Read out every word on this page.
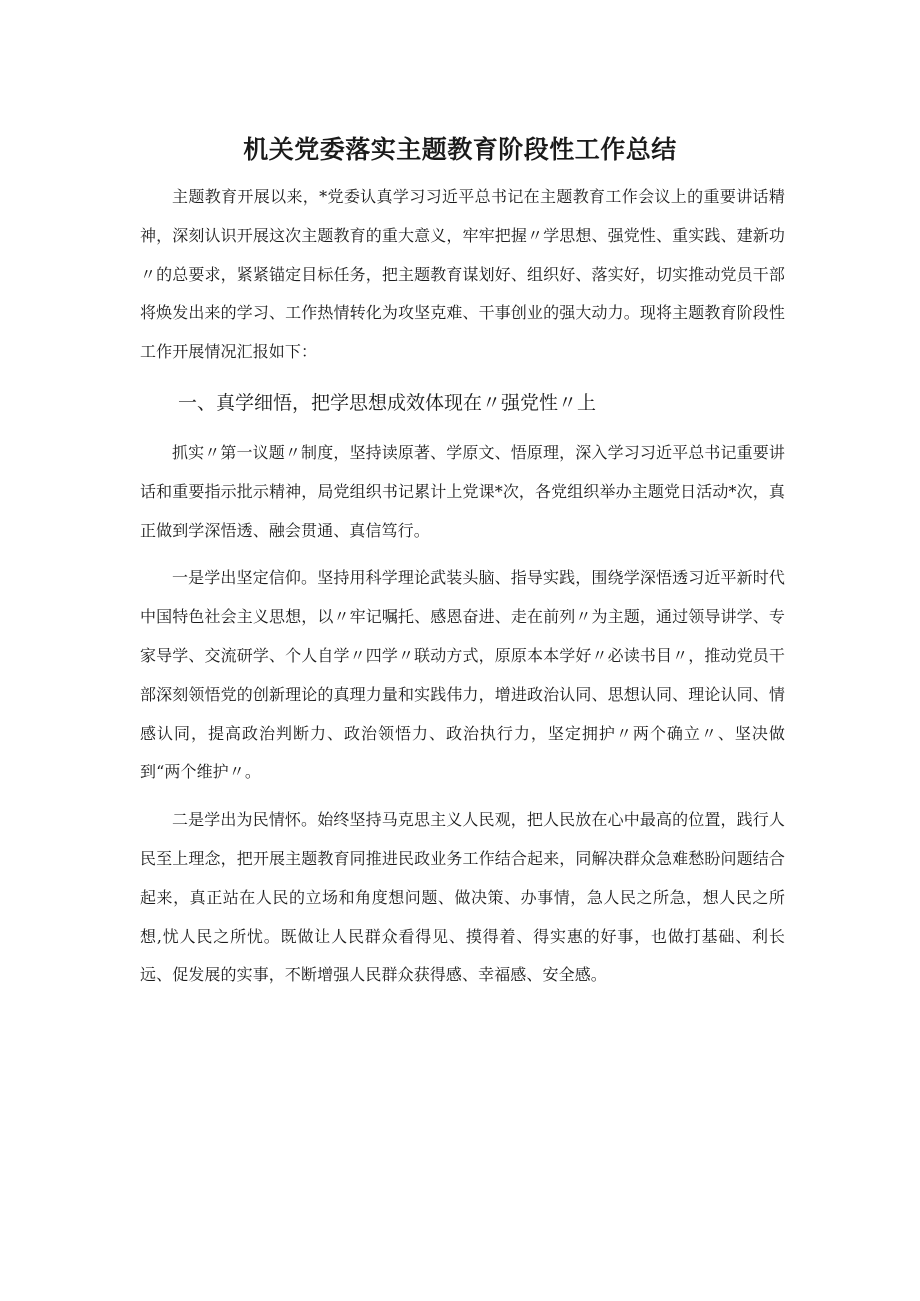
机关党委落实主题教育阶段性工作总结

主题教育开展以来，*党委认真学习习近平总书记在主题教育工作会议上的重要讲话精神，深刻认识开展这次主题教育的重大意义，牢牢把握〃学思想、强党性、重实践、建新功〃的总要求，紧紧锚定目标任务，把主题教育谋划好、组织好、落实好，切实推动党员干部将焕发出来的学习、工作热情转化为攻坚克难、干事创业的强大动力。现将主题教育阶段性工作开展情况汇报如下：

一、真学细悟，把学思想成效体现在〃强党性〃上

抓实〃第一议题〃制度，坚持读原著、学原文、悟原理，深入学习习近平总书记重要讲话和重要指示批示精神，局党组织书记累计上党课*次，各党组织举办主题党日活动*次，真正做到学深悟透、融会贯通、真信笃行。

一是学出坚定信仰。坚持用科学理论武装头脑、指导实践，围绕学深悟透习近平新时代中国特色社会主义思想，以〃牢记嘱托、感恩奋进、走在前列〃为主题，通过领导讲学、专家导学、交流研学、个人自学〃四学〃联动方式，原原本本学好〃必读书目〃，推动党员干部深刻领悟党的创新理论的真理力量和实践伟力，增进政治认同、思想认同、理论认同、情感认同，提高政治判断力、政治领悟力、政治执行力，坚定拥护〃两个确立〃、坚决做到“两个维护〃。

二是学出为民情怀。始终坚持马克思主义人民观，把人民放在心中最高的位置，践行人民至上理念，把开展主题教育同推进民政业务工作结合起来，同解决群众急难愁盼问题结合起来，真正站在人民的立场和角度想问题、做决策、办事情，急人民之所急，想人民之所想,忧人民之所忧。既做让人民群众看得见、摸得着、得实惠的好事，也做打基础、利长远、促发展的实事，不断增强人民群众获得感、幸福感、安全感。
